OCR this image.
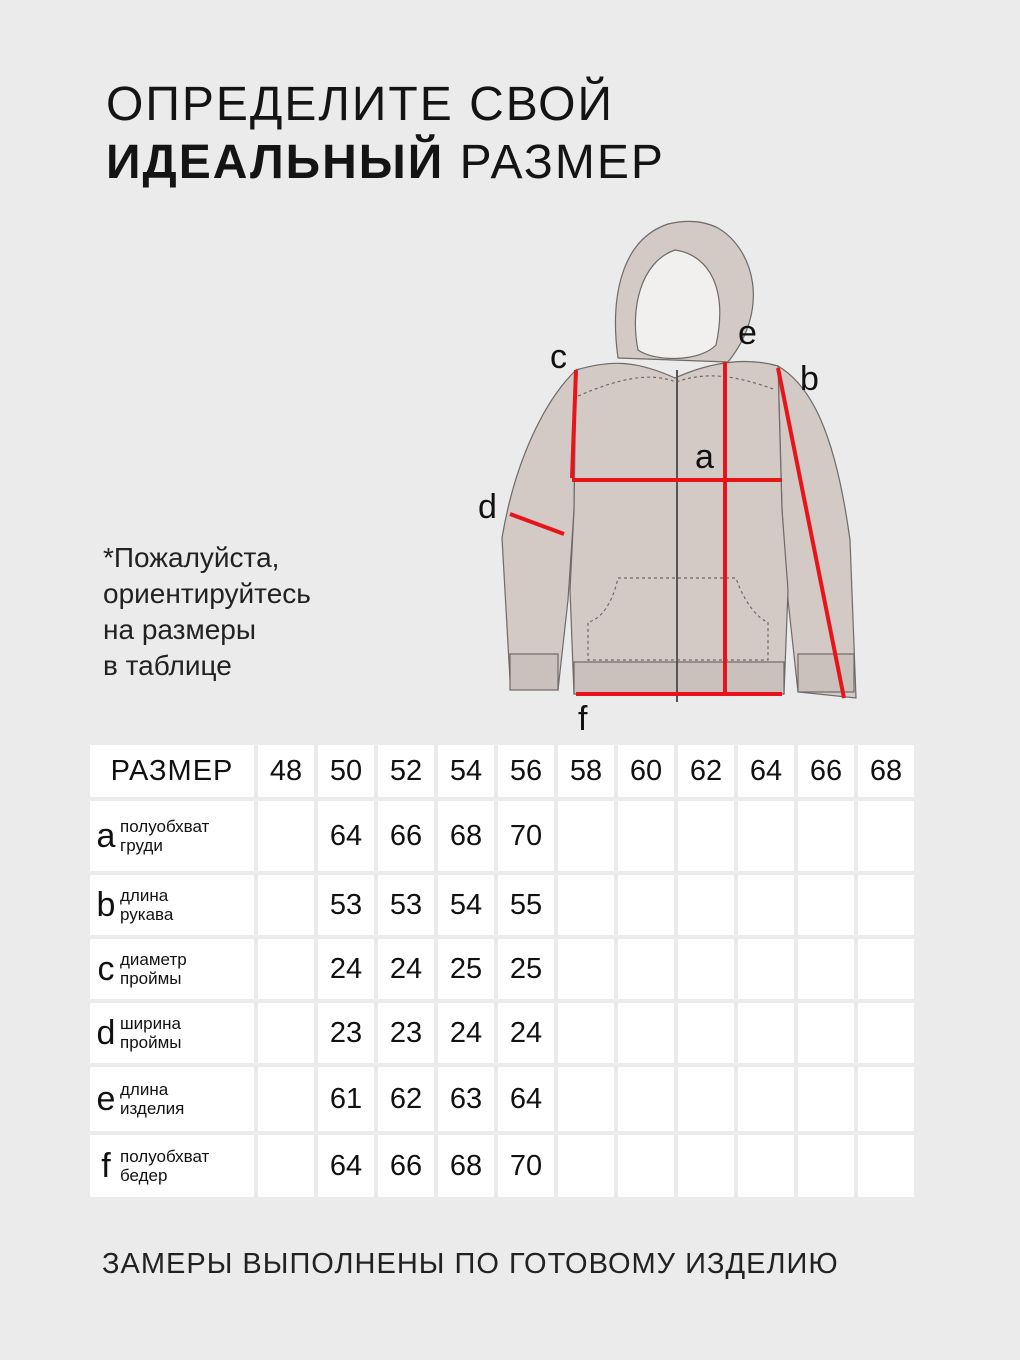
ОПРЕДЕЛИТЕ СВОЙ
ИДЕАЛЬНЫЙ РАЗМЕР
*Пожалуйста,
ориентируйтесь
на размеры
в таблице
c
e
b
a
d
f
РАЗМЕР	48	50	52	54	56	58	60	62	64	66	68
a полуобхват
груди		64	66	68	70						
b длина
рукава		53	53	54	55						
c диаметр
проймы		24	24	25	25						
d ширина
проймы		23	23	24	24						
e длина
изделия		61	62	63	64						
f полуобхват
бедер		64	66	68	70						
ЗАМЕРЫ ВЫПОЛНЕНЫ ПО ГОТОВОМУ ИЗДЕЛИЮ
